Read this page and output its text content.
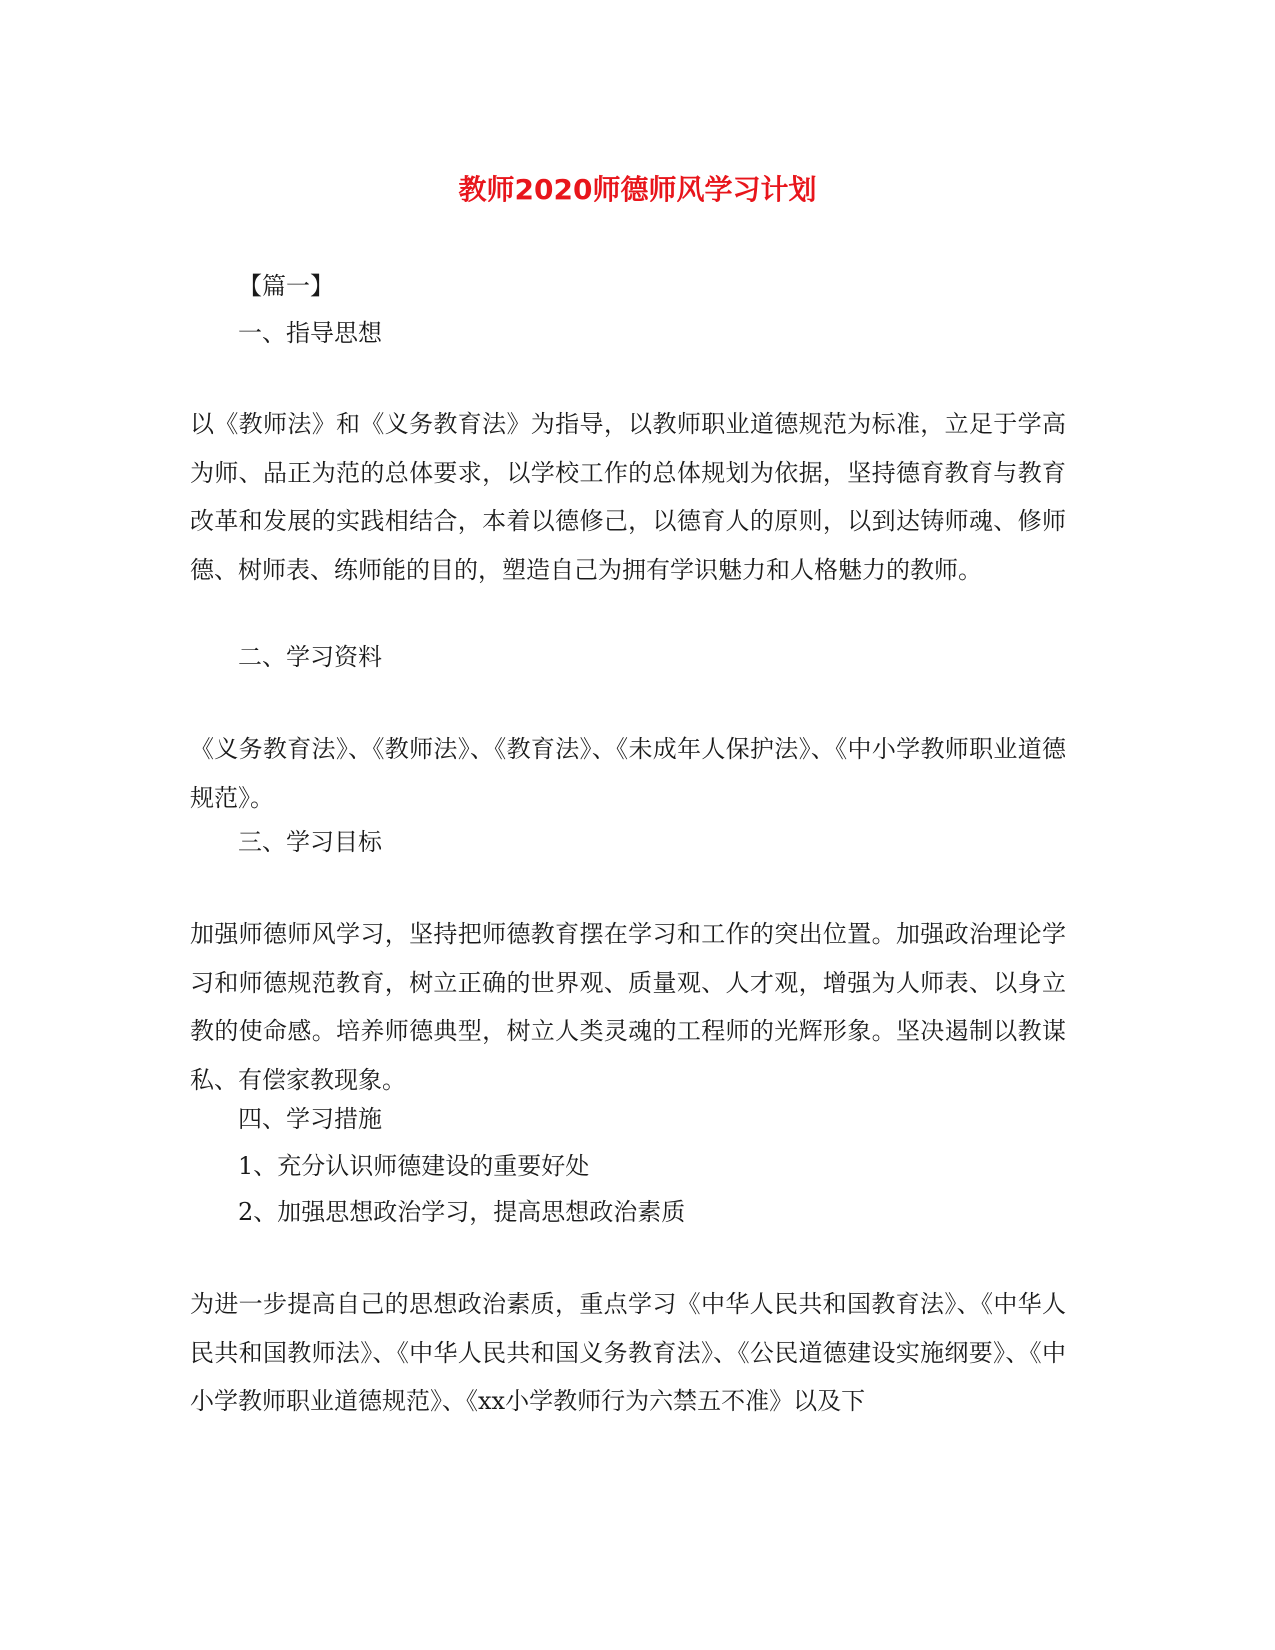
教师2020师德师风学习计划
【篇一】
一、指导思想

以《教师法》和《义务教育法》为指导，以教师职业道德规范为标准，立足于学高为师、品正为范的总体要求，以学校工作的总体规划为依据，坚持德育教育与教育改革和发展的实践相结合，本着以德修己，以德育人的原则，以到达铸师魂、修师德、树师表、练师能的目的，塑造自己为拥有学识魅力和人格魅力的教师。

二、学习资料

《义务教育法》、《教师法》、《教育法》、《未成年人保护法》、《中小学教师职业道德规范》。

三、学习目标

加强师德师风学习，坚持把师德教育摆在学习和工作的突出位置。加强政治理论学习和师德规范教育，树立正确的世界观、质量观、人才观，增强为人师表、以身立教的使命感。培养师德典型，树立人类灵魂的工程师的光辉形象。坚决遏制以教谋私、有偿家教现象。

四、学习措施
1、充分认识师德建设的重要好处
2、加强思想政治学习，提高思想政治素质

为进一步提高自己的思想政治素质，重点学习《中华人民共和国教育法》、《中华人民共和国教师法》、《中华人民共和国义务教育法》、《公民道德建设实施纲要》、《中小学教师职业道德规范》、《xx小学教师行为六禁五不准》以及下
